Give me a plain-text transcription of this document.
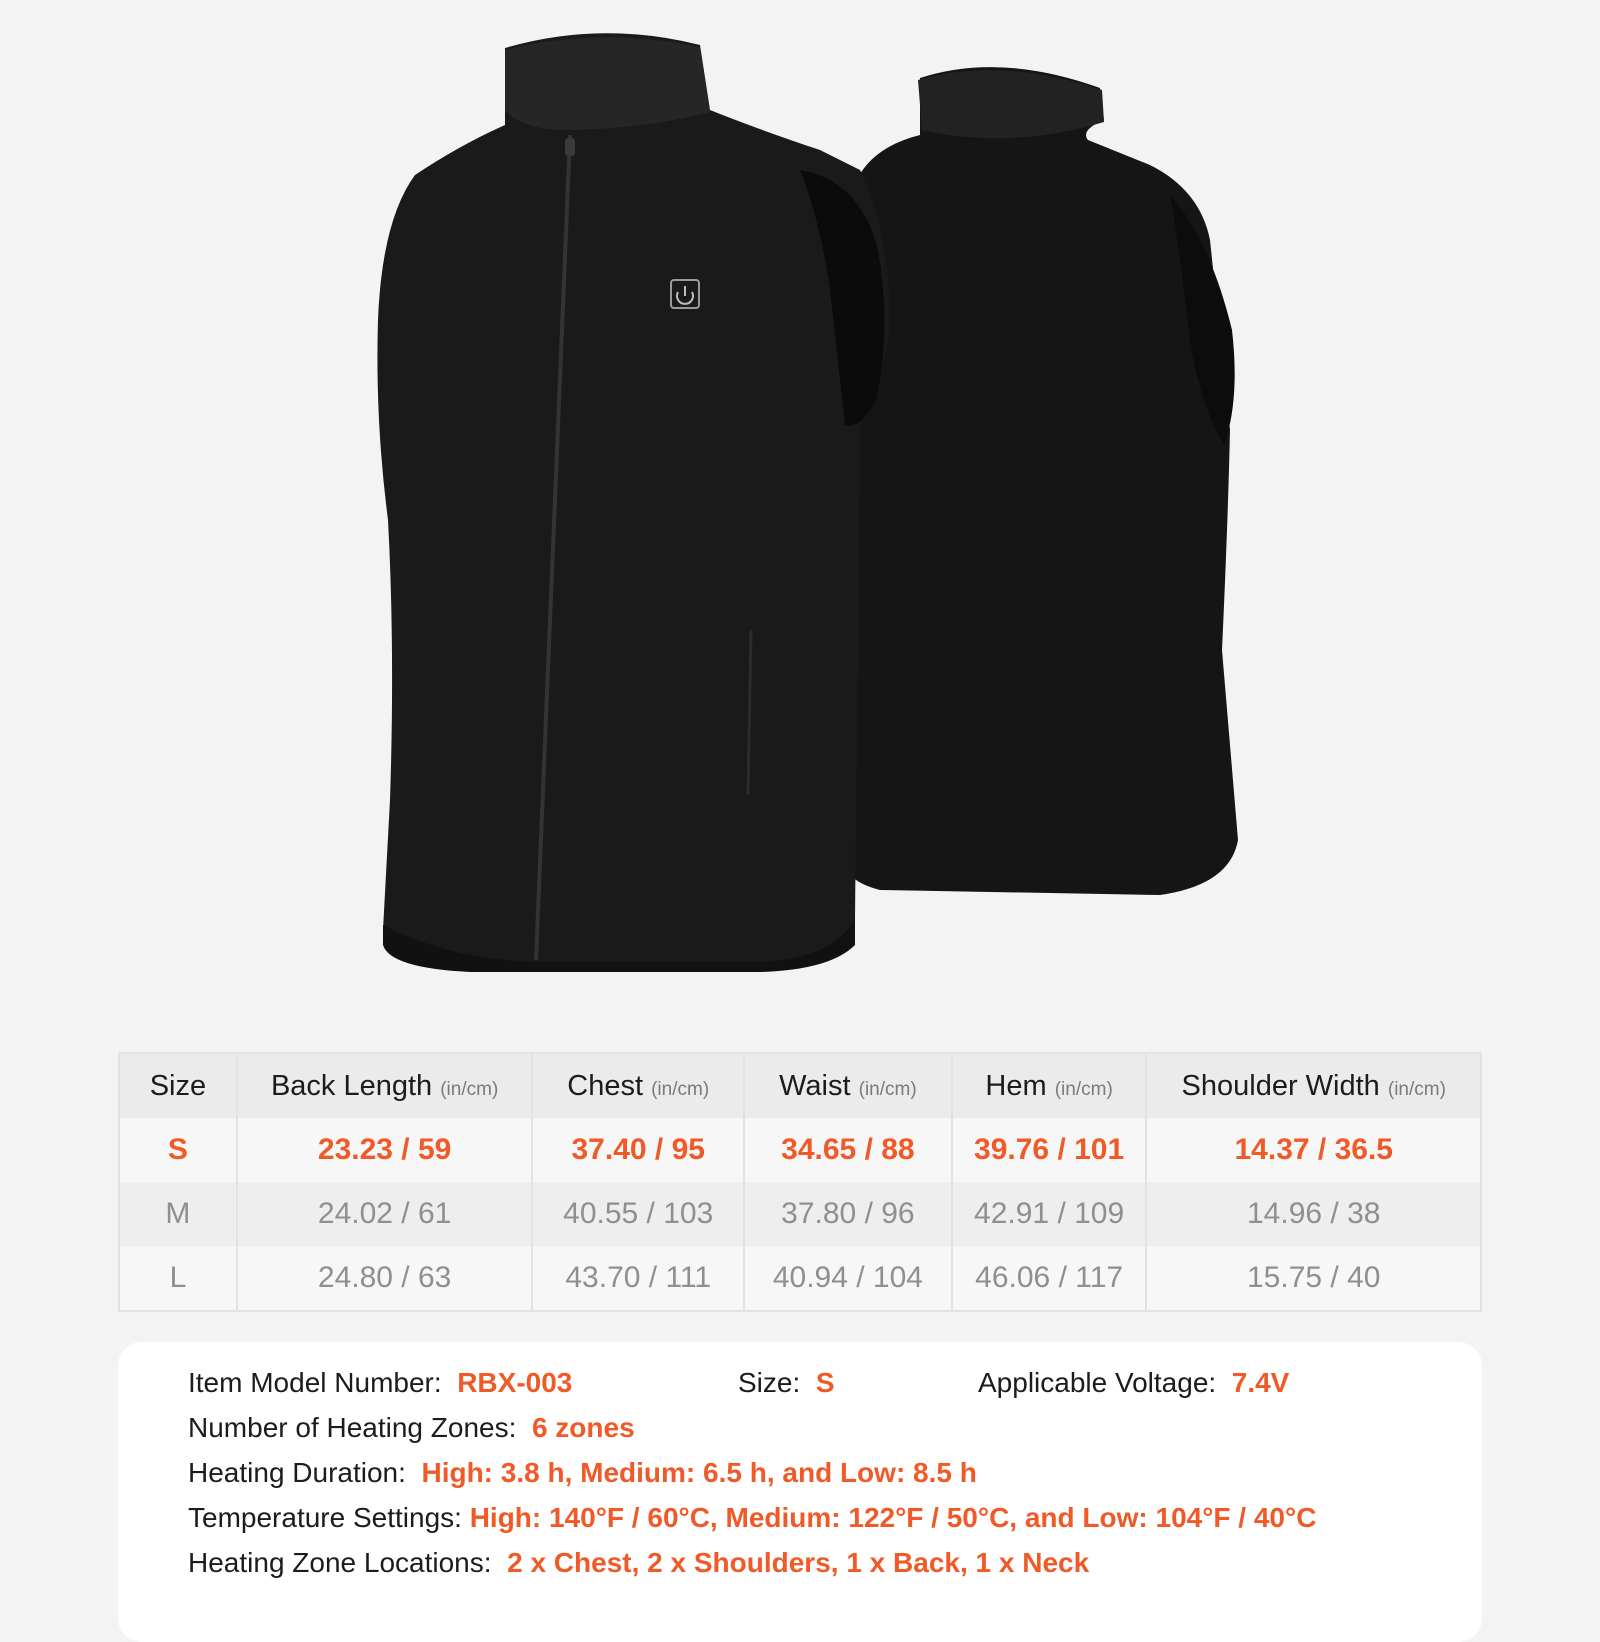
Size	Back Length (in/cm)	Chest (in/cm)	Waist (in/cm)	Hem (in/cm)	Shoulder Width (in/cm)
S	23.23 / 59	37.40 / 95	34.65 / 88	39.76 / 101	14.37 / 36.5
M	24.02 / 61	40.55 / 103	37.80 / 96	42.91 / 109	14.96 / 38
L	24.80 / 63	43.70 / 111	40.94 / 104	46.06 / 117	15.75 / 40
Item Model Number: RBX-003	Size: S	Applicable Voltage: 7.4V
Number of Heating Zones: 6 zones
Heating Duration: High: 3.8 h, Medium: 6.5 h, and Low: 8.5 h
Temperature Settings: High: 140°F / 60°C, Medium: 122°F / 50°C, and Low: 104°F / 40°C
Heating Zone Locations: 2 x Chest, 2 x Shoulders, 1 x Back, 1 x Neck
